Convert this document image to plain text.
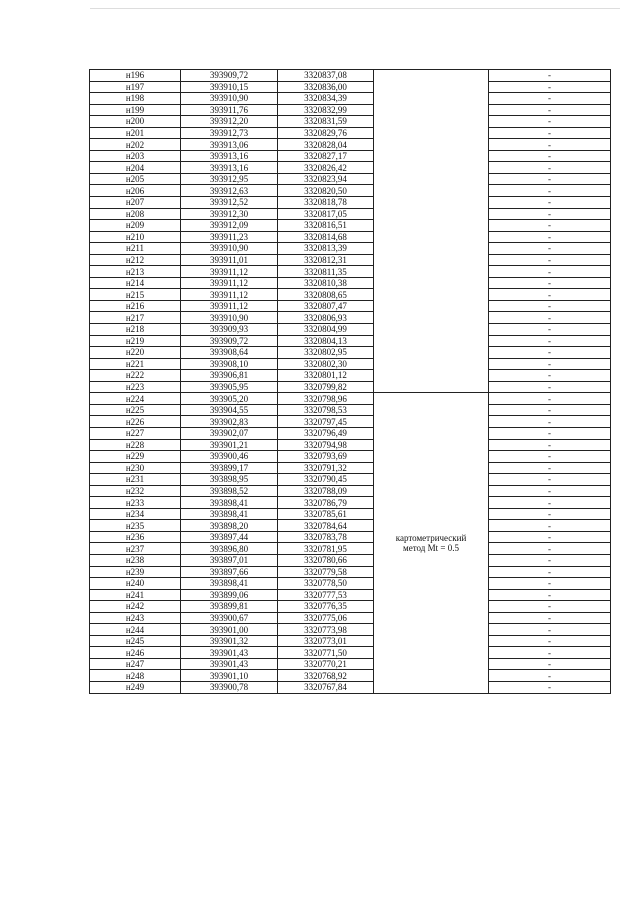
н196	393909,72	3320837,08		-
н197	393910,15	3320836,00		-
н198	393910,90	3320834,39		-
н199	393911,76	3320832,99		-
н200	393912,20	3320831,59		-
н201	393912,73	3320829,76		-
н202	393913,06	3320828,04		-
н203	393913,16	3320827,17		-
н204	393913,16	3320826,42		-
н205	393912,95	3320823,94		-
н206	393912,63	3320820,50		-
н207	393912,52	3320818,78		-
н208	393912,30	3320817,05		-
н209	393912,09	3320816,51		-
н210	393911,23	3320814,68		-
н211	393910,90	3320813,39		-
н212	393911,01	3320812,31		-
н213	393911,12	3320811,35		-
н214	393911,12	3320810,38		-
н215	393911,12	3320808,65		-
н216	393911,12	3320807,47		-
н217	393910,90	3320806,93		-
н218	393909,93	3320804,99		-
н219	393909,72	3320804,13		-
н220	393908,64	3320802,95		-
н221	393908,10	3320802,30		-
н222	393906,81	3320801,12		-
н223	393905,95	3320799,82		-
н224	393905,20	3320798,96	картометрический
метод Mt = 0.5	-
н225	393904,55	3320798,53		-
н226	393902,83	3320797,45		-
н227	393902,07	3320796,49		-
н228	393901,21	3320794,98		-
н229	393900,46	3320793,69		-
н230	393899,17	3320791,32		-
н231	393898,95	3320790,45		-
н232	393898,52	3320788,09		-
н233	393898,41	3320786,79		-
н234	393898,41	3320785,61		-
н235	393898,20	3320784,64		-
н236	393897,44	3320783,78		-
н237	393896,80	3320781,95		-
н238	393897,01	3320780,66		-
н239	393897,66	3320779,58		-
н240	393898,41	3320778,50		-
н241	393899,06	3320777,53		-
н242	393899,81	3320776,35		-
н243	393900,67	3320775,06		-
н244	393901,00	3320773,98		-
н245	393901,32	3320773,01		-
н246	393901,43	3320771,50		-
н247	393901,43	3320770,21		-
н248	393901,10	3320768,92		-
н249	393900,78	3320767,84		-
